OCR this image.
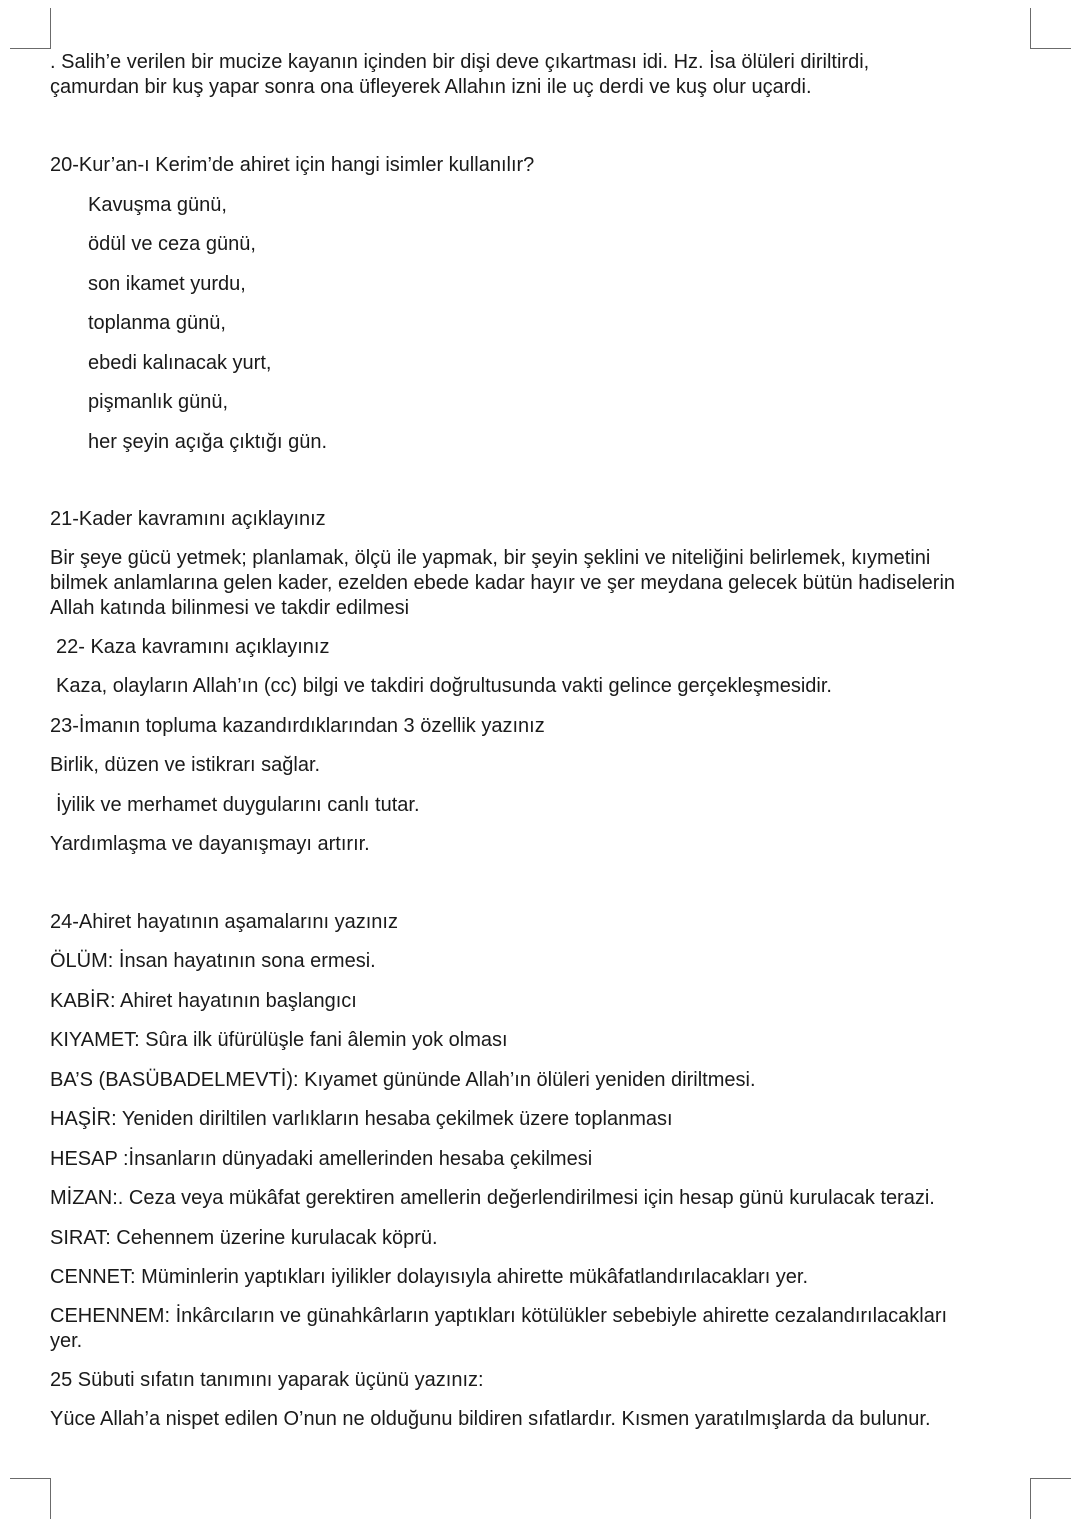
. Salih’e verilen bir mucize kayanın içinden bir dişi deve çıkartması idi. Hz. İsa ölüleri diriltirdi,

çamurdan bir kuş yapar sonra ona üfleyerek Allahın izni ile uç derdi ve kuş olur uçardi.

20-Kur’an-ı Kerim’de ahiret için hangi isimler kullanılır?

Kavuşma günü,

ödül ve ceza günü,

son ikamet yurdu,

toplanma günü,

ebedi kalınacak yurt,

pişmanlık günü,

her şeyin açığa çıktığı gün.

21-Kader kavramını açıklayınız

Bir şeye gücü yetmek; planlamak, ölçü ile yapmak, bir şeyin şeklini ve niteliğini belirlemek, kıymetini

bilmek anlamlarına gelen kader, ezelden ebede kadar hayır ve şer meydana gelecek bütün hadiselerin

Allah katında bilinmesi ve takdir edilmesi

22- Kaza kavramını açıklayınız

Kaza, olayların Allah’ın (cc) bilgi ve takdiri doğrultusunda vakti gelince gerçekleşmesidir.

23-İmanın topluma kazandırdıklarından 3 özellik yazınız

Birlik, düzen ve istikrarı sağlar.

İyilik ve merhamet duygularını canlı tutar.

Yardımlaşma ve dayanışmayı artırır.

24-Ahiret hayatının aşamalarını yazınız

ÖLÜM: İnsan hayatının sona ermesi.

KABİR: Ahiret hayatının başlangıcı

KIYAMET: Sûra ilk üfürülüşle fani âlemin yok olması

BA’S (BASÜBADELMEVTİ): Kıyamet gününde Allah’ın ölüleri yeniden diriltmesi.

HAŞİR: Yeniden diriltilen varlıkların hesaba çekilmek üzere toplanması

HESAP :İnsanların dünyadaki amellerinden hesaba çekilmesi

MİZAN:. Ceza veya mükâfat gerektiren amellerin değerlendirilmesi için hesap günü kurulacak terazi.

SIRAT: Cehennem üzerine kurulacak köprü.

CENNET: Müminlerin yaptıkları iyilikler dolayısıyla ahirette mükâfatlandırılacakları yer.

CEHENNEM: İnkârcıların ve günahkârların yaptıkları kötülükler sebebiyle ahirette cezalandırılacakları

yer.

25 Sübuti sıfatın tanımını yaparak üçünü yazınız:

Yüce Allah’a nispet edilen O’nun ne olduğunu bildiren sıfatlardır. Kısmen yaratılmışlarda da bulunur.
